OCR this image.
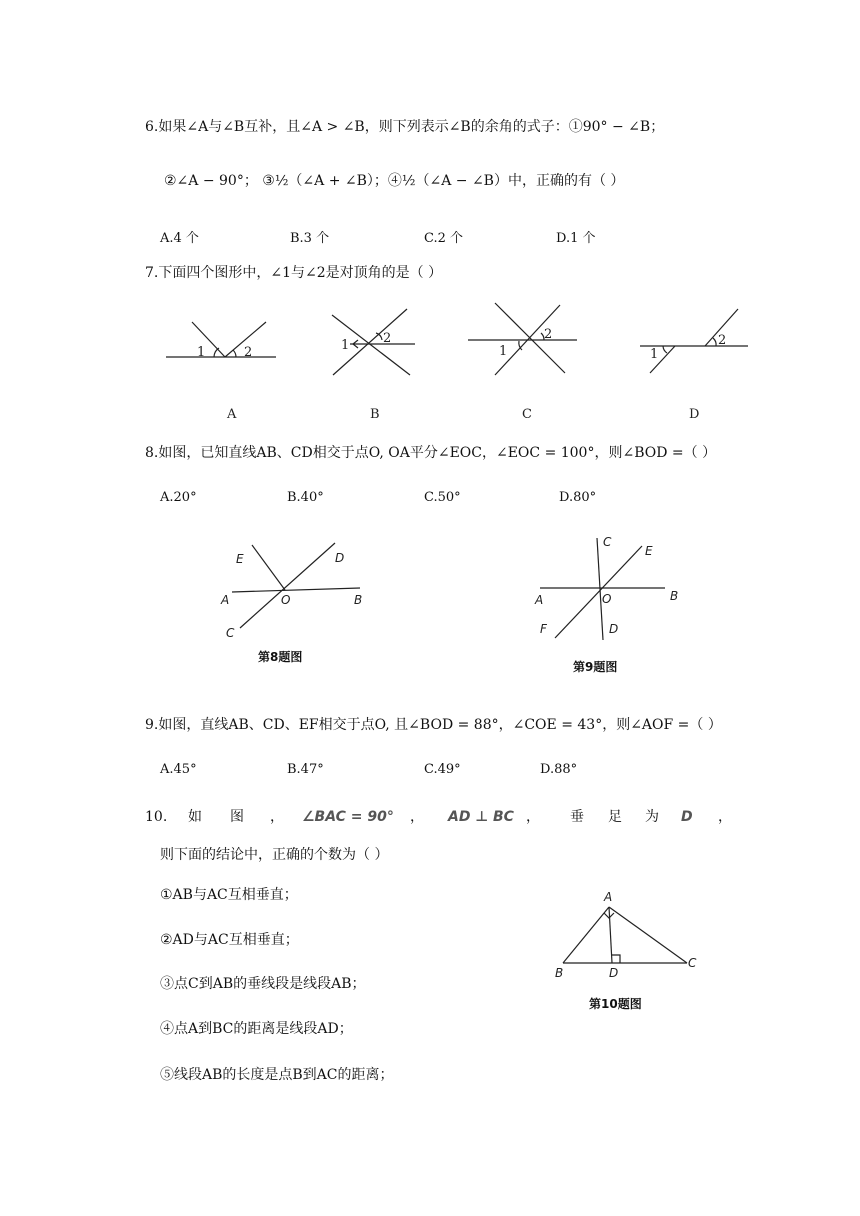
6.如果∠A与∠B互补，且∠A > ∠B，则下列表示∠B的余角的式子：①90° − ∠B；
②∠A − 90°； ③½（∠A + ∠B）；④½（∠A − ∠B）中，正确的有（ ）
A.4 个	B.3 个	C.2 个	D.1 个
7.下面四个图形中，∠1与∠2是对顶角的是（ ）
1	2
A
1	2
B
1
2
C
1
2
D
8.如图，已知直线AB、CD相交于点O, OA平分∠EOC，∠EOC = 100°，则∠BOD =（ ）
A.20°	B.40°	C.50°	D.80°
E	D
A	O	B
C
第8题图
C
E
A	O	B
F	D
第9题图
9.如图，直线AB、CD、EF相交于点O, 且∠BOD = 88°，∠COE = 43°，则∠AOF =（ ）
A.45°	B.47°	C.49°	D.88°
10. 如 图 ， ∠BAC = 90° ， AD ⊥ BC ， 垂 足 为 D ，
则下面的结论中，正确的个数为（ ）
①AB与AC互相垂直；
②AD与AC互相垂直；
③点C到AB的垂线段是线段AB；
④点A到BC的距离是线段AD；
⑤线段AB的长度是点B到AC的距离；
A
B	D
C
第10题图
